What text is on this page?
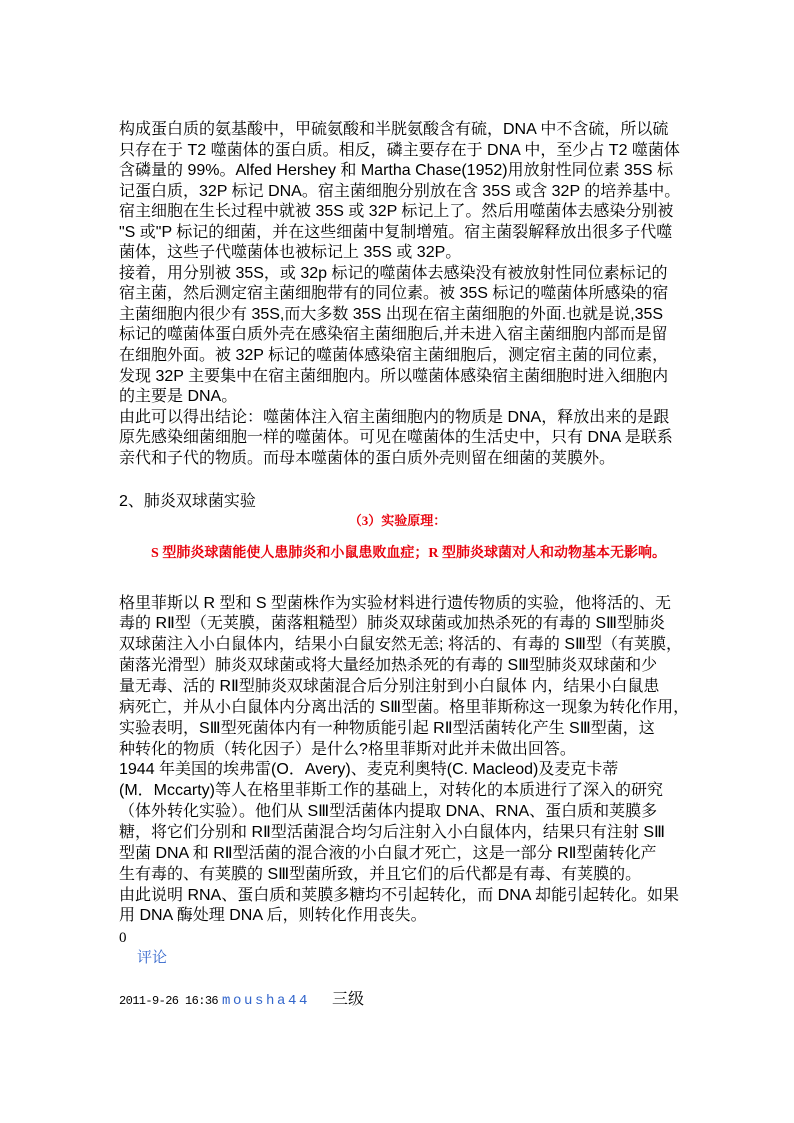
构成蛋白质的氨基酸中，甲硫氨酸和半胱氨酸含有硫，DNA 中不含硫，所以硫
只存在于 T2 噬菌体的蛋白质。相反，磷主要存在于 DNA 中，至少占 T2 噬菌体
含磷量的 99%。Alfed Hershey 和 Martha Chase(1952)用放射性同位素 35S 标
记蛋白质，32P 标记 DNA。宿主菌细胞分别放在含 35S 或含 32P 的培养基中。
宿主细胞在生长过程中就被 35S 或 32P 标记上了。然后用噬菌体去感染分别被
"S 或"P 标记的细菌，并在这些细菌中复制增殖。宿主菌裂解释放出很多子代噬
菌体，这些子代噬菌体也被标记上 35S 或 32P。
接着，用分别被 35S，或 32p 标记的噬菌体去感染没有被放射性同位素标记的
宿主菌，然后测定宿主菌细胞带有的同位素。被 35S 标记的噬菌体所感染的宿
主菌细胞内很少有 35S,而大多数 35S 出现在宿主菌细胞的外面.也就是说,35S
标记的噬菌体蛋白质外壳在感染宿主菌细胞后,并未进入宿主菌细胞内部而是留
在细胞外面。被 32P 标记的噬菌体感染宿主菌细胞后，测定宿主菌的同位素，
发现 32P 主要集中在宿主菌细胞内。所以噬菌体感染宿主菌细胞时进入细胞内
的主要是 DNA。
由此可以得出结论：噬菌体注入宿主菌细胞内的物质是 DNA，释放出来的是跟
原先感染细菌细胞一样的噬菌体。可见在噬菌体的生活史中，只有 DNA 是联系
亲代和子代的物质。而母本噬菌体的蛋白质外壳则留在细菌的荚膜外。
2、肺炎双球菌实验
（3）实验原理：
S 型肺炎球菌能使人患肺炎和小鼠患败血症；R 型肺炎球菌对人和动物基本无影响。
格里菲斯以 R 型和 S 型菌株作为实验材料进行遗传物质的实验，他将活的、无
毒的 RⅡ型（无荚膜，菌落粗糙型）肺炎双球菌或加热杀死的有毒的 SⅢ型肺炎
双球菌注入小白鼠体内，结果小白鼠安然无恙; 将活的、有毒的 SⅢ型（有荚膜，
菌落光滑型）肺炎双球菌或将大量经加热杀死的有毒的 SⅢ型肺炎双球菌和少
量无毒、活的 RⅡ型肺炎双球菌混合后分别注射到小白鼠体 内，结果小白鼠患
病死亡，并从小白鼠体内分离出活的 SⅢ型菌。格里菲斯称这一现象为转化作用，
实验表明，SⅢ型死菌体内有一种物质能引起 RⅡ型活菌转化产生 SⅢ型菌，这
种转化的物质（转化因子）是什么?格里菲斯对此并未做出回答。
1944 年美国的埃弗雷(O．Avery)、麦克利奥特(C. Macleod)及麦克卡蒂
(M．Mccarty)等人在格里菲斯工作的基础上，对转化的本质进行了深入的研究
（体外转化实验）。他们从 SⅢ型活菌体内提取 DNA、RNA、蛋白质和荚膜多
糖，将它们分别和 RⅡ型活菌混合均匀后注射入小白鼠体内，结果只有注射 SⅢ
型菌 DNA 和 RⅡ型活菌的混合液的小白鼠才死亡，这是一部分 RⅡ型菌转化产
生有毒的、有荚膜的 SⅢ型菌所致，并且它们的后代都是有毒、有荚膜的。
由此说明 RNA、蛋白质和荚膜多糖均不引起转化，而 DNA 却能引起转化。如果
用 DNA 酶处理 DNA 后，则转化作用丧失。
0
评论
2011-9-26 16:36 mousha44 三级
